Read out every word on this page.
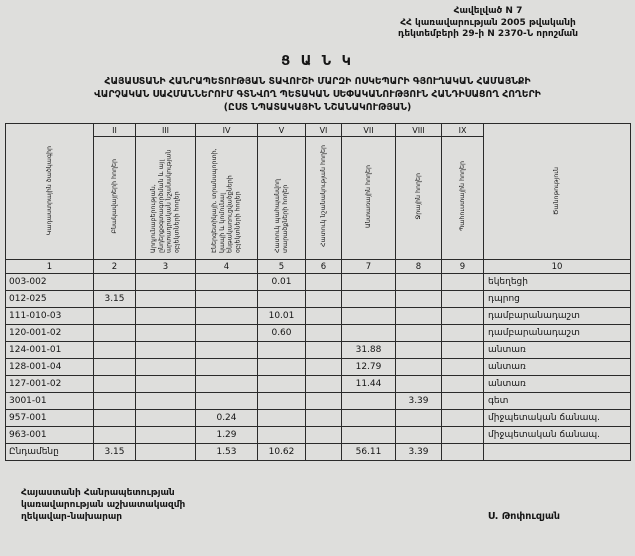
Հավելված N 7
ՀՀ կառավարության 2005 թվականի
դեկտեմբերի 29-ի N 2370-Ն որոշման
Ց Ա Ն Կ
ՀԱՅԱՍՏԱՆԻ ՀԱՆՐԱՊԵՏՈՒԹՅԱՆ ՏԱՎՈՒՇԻ ՄԱՐԶԻ ՈՍԿԵՊԱՐԻ ԳՅՈՒՂԱԿԱՆ ՀԱՄԱՅՆՔԻ
ՎԱՐՉԱԿԱՆ ՍԱՀՄԱՆՆԵՐՈՒՄ ԳՏՆՎՈՂ ՊԵՏԱԿԱՆ ՍԵՓԱԿԱՆՈՒԹՅՈՒՆ ՀԱՆԴԻՍԱՑՈՂ ՀՈՂԵՐԻ
(ԸՍՏ ՆՊԱՏԱԿԱՅԻՆ ՆՇԱՆԱԿՈՒԹՅԱՆ)
Կադաստրային ծածկագիր	II	III	IV	V	VI	VII	VIII	IX	Ծանոթություն
	Բնակավայրերի հողեր	Արդյունաբերության, ընդերքօգտագործման և այլ արտադրական նշանակության օբյեկտների հողեր	Էներգետիկայի, տրանսպորտի, կապի և կոմունալ ենթակառուցվածքների օբյեկտների հողեր	Հատուկ պահպանվող տարածքների հողեր	Հատուկ նշանակության հողեր	Անտառային հողեր	Ջրային հողեր	Պահուստային հողեր	
1	2	3	4	5	6	7	8	9	10
003-002				0.01					եկեղեցի
012-025	3.15								դպրոց
111-010-03				10.01					դամբարանադաշտ
120-001-02				0.60					դամբարանադաշտ
124-001-01						31.88			անտառ
128-001-04						12.79			անտառ
127-001-02						11.44			անտառ
3001-01							3.39		գետ
957-001			0.24						միջպետական ճանապ.
963-001			1.29						միջպետական ճանապ.
Ընդամենը	3.15		1.53	10.62		56.11	3.39		
Հայաստանի Հանրապետության
կառավարության աշխատակազմի
ղեկավար-նախարար	Ս. Թոփուզյան
